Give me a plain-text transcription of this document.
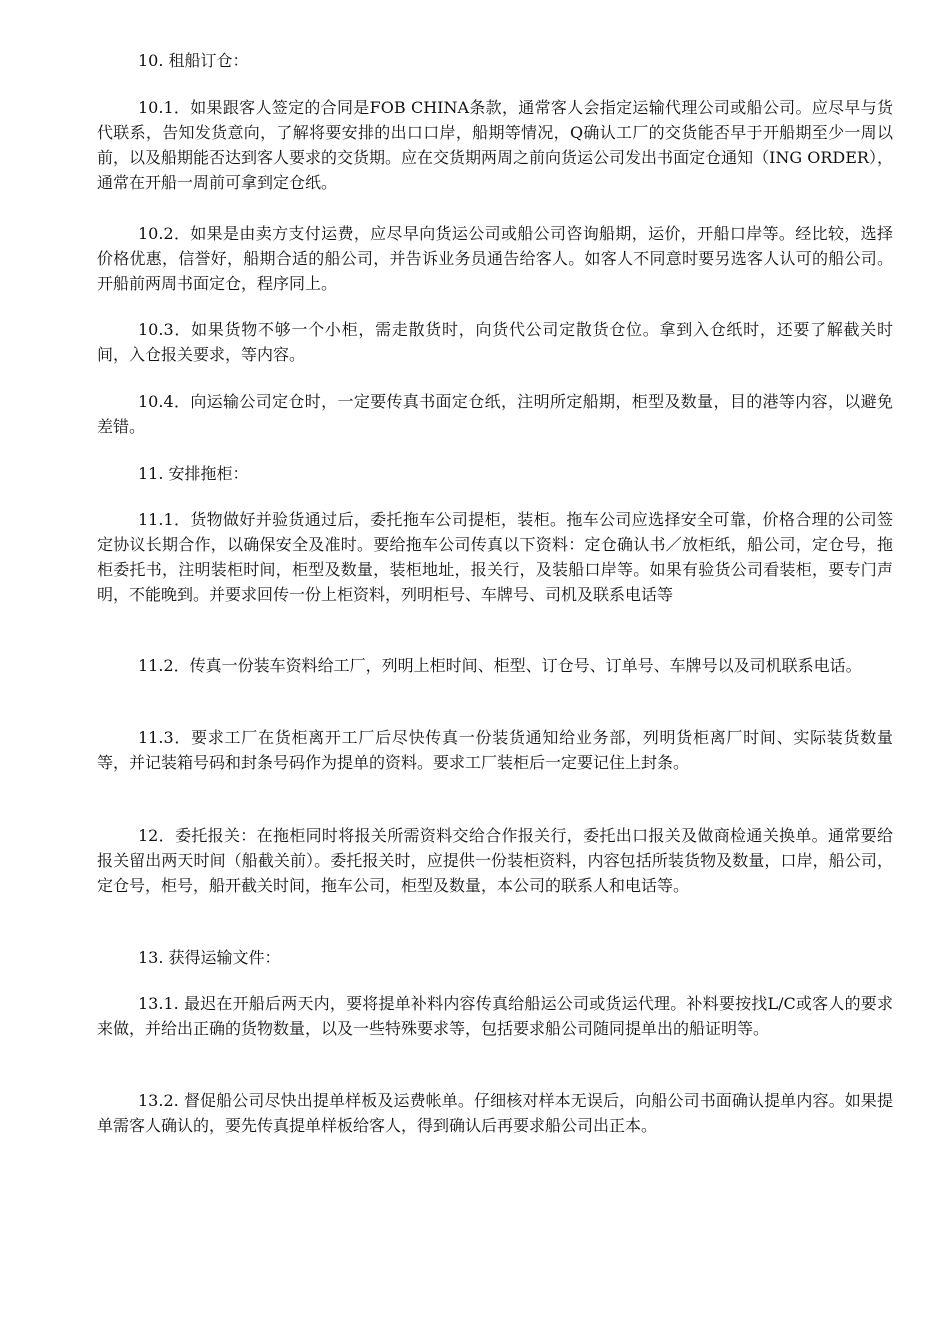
10. 租船订仓：

10.1．如果跟客人签定的合同是FOB CHINA条款，通常客人会指定运输代理公司或船公司。应尽早与货代联系，告知发货意向，了解将要安排的出口口岸，船期等情况，Q确认工厂的交货能否早于开船期至少一周以前，以及船期能否达到客人要求的交货期。应在交货期两周之前向货运公司发出书面定仓通知（ING ORDER），通常在开船一周前可拿到定仓纸。

10.2．如果是由卖方支付运费，应尽早向货运公司或船公司咨询船期，运价，开船口岸等。经比较，选择价格优惠，信誉好，船期合适的船公司，并告诉业务员通告给客人。如客人不同意时要另选客人认可的船公司。开船前两周书面定仓，程序同上。

10.3．如果货物不够一个小柜，需走散货时，向货代公司定散货仓位。拿到入仓纸时，还要了解截关时间，入仓报关要求，等内容。

10.4．向运输公司定仓时，一定要传真书面定仓纸，注明所定船期，柜型及数量，目的港等内容，以避免差错。

11. 安排拖柜：

11.1．货物做好并验货通过后，委托拖车公司提柜，装柜。拖车公司应选择安全可靠，价格合理的公司签定协议长期合作，以确保安全及准时。要给拖车公司传真以下资料：定仓确认书／放柜纸，船公司，定仓号，拖柜委托书，注明装柜时间，柜型及数量，装柜地址，报关行，及装船口岸等。如果有验货公司看装柜，要专门声明，不能晚到。并要求回传一份上柜资料，列明柜号、车牌号、司机及联系电话等

11.2．传真一份装车资料给工厂，列明上柜时间、柜型、订仓号、订单号、车牌号以及司机联系电话。

11.3．要求工厂在货柜离开工厂后尽快传真一份装货通知给业务部，列明货柜离厂时间、实际装货数量等，并记装箱号码和封条号码作为提单的资料。要求工厂装柜后一定要记住上封条。

12．委托报关：在拖柜同时将报关所需资料交给合作报关行，委托出口报关及做商检通关换单。通常要给报关留出两天时间（船截关前）。委托报关时，应提供一份装柜资料，内容包括所装货物及数量，口岸，船公司，定仓号，柜号，船开截关时间，拖车公司，柜型及数量，本公司的联系人和电话等。

13. 获得运输文件：

13.1. 最迟在开船后两天内，要将提单补料内容传真给船运公司或货运代理。补料要按找L/C或客人的要求来做，并给出正确的货物数量，以及一些特殊要求等，包括要求船公司随同提单出的船证明等。

13.2. 督促船公司尽快出提单样板及运费帐单。仔细核对样本无误后，向船公司书面确认提单内容。如果提单需客人确认的，要先传真提单样板给客人，得到确认后再要求船公司出正本。
